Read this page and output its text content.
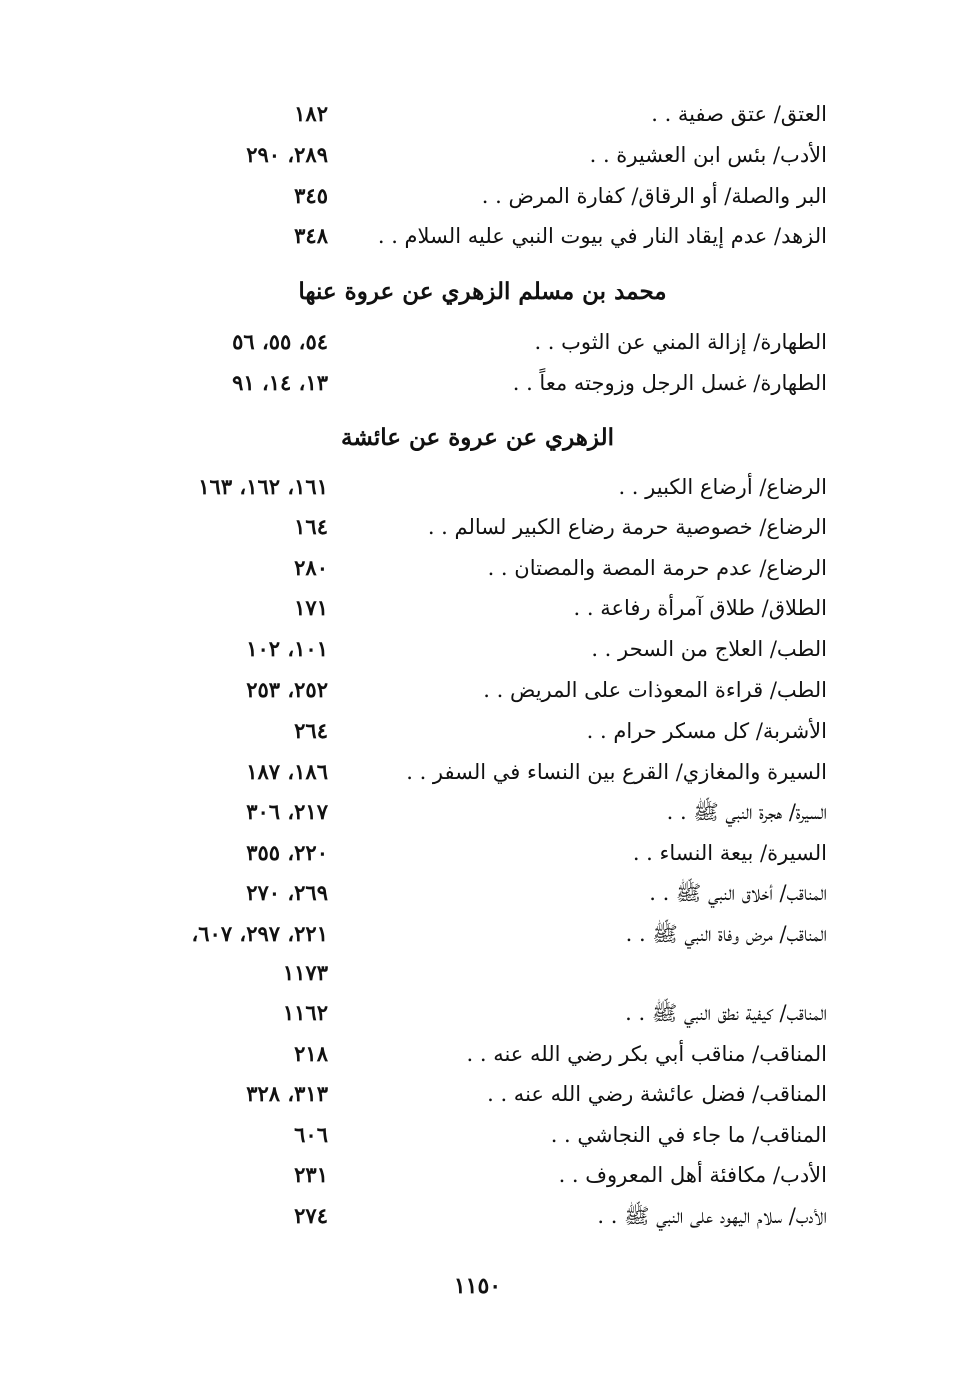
العتق/ عتق صفية . .
١٨٢
الأدب/ بئس ابن العشيرة . .
٢٨٩، ٢٩٠
البر والصلة/ أو الرقاق/ كفارة المرض . .
٣٤٥
الزهد/ عدم إيقاد النار في بيوت النبي عليه السلام . .
٣٤٨
محمد بن مسلم الزهري عن عروة عنها
الطهارة/ إزالة المني عن الثوب . .
٥٤، ٥٥، ٥٦
الطهارة/ غسل الرجل وزوجته معاً . .
١٣، ١٤، ٩١
الزهري عن عروة عن عائشة
الرضاع/ أرضاع الكبير . .
١٦١، ١٦٢، ١٦٣
الرضاع/ خصوصية حرمة رضاع الكبير لسالم . .
١٦٤
الرضاع/ عدم حرمة المصة والمصتان . .
٢٨٠
الطلاق/ طلاق آمرأة رفاعة . .
١٧١
الطب/ العلاج من السحر . .
١٠١، ١٠٢
الطب/ قراءة المعوذات على المريض . .
٢٥٢، ٢٥٣
الأشربة/ كل مسكر حرام . .
٢٦٤
السيرة والمغازي/ القرع بين النساء في السفر . .
١٨٦، ١٨٧
السيرة/ هجرة النبي ﷺ . .
٢١٧، ٣٠٦
السيرة/ بيعة النساء . .
٢٢٠، ٣٥٥
المناقب/ أخلاق النبي ﷺ . .
٢٦٩، ٢٧٠
المناقب/ مرض وفاة النبي ﷺ . .
٢٢١، ٢٩٧، ٦٠٧،
١١٧٣
المناقب/ كيفية نطق النبي ﷺ . .
١١٦٢
المناقب/ مناقب أبي بكر رضي الله عنه . .
٢١٨
المناقب/ فضل عائشة رضي الله عنه . .
٣١٣، ٣٢٨
المناقب/ ما جاء في النجاشي . .
٦٠٦
الأدب/ مكافئة أهل المعروف . .
٢٣١
الأدب/ سلام اليهود على النبي ﷺ . .
٢٧٤
١١٥٠
